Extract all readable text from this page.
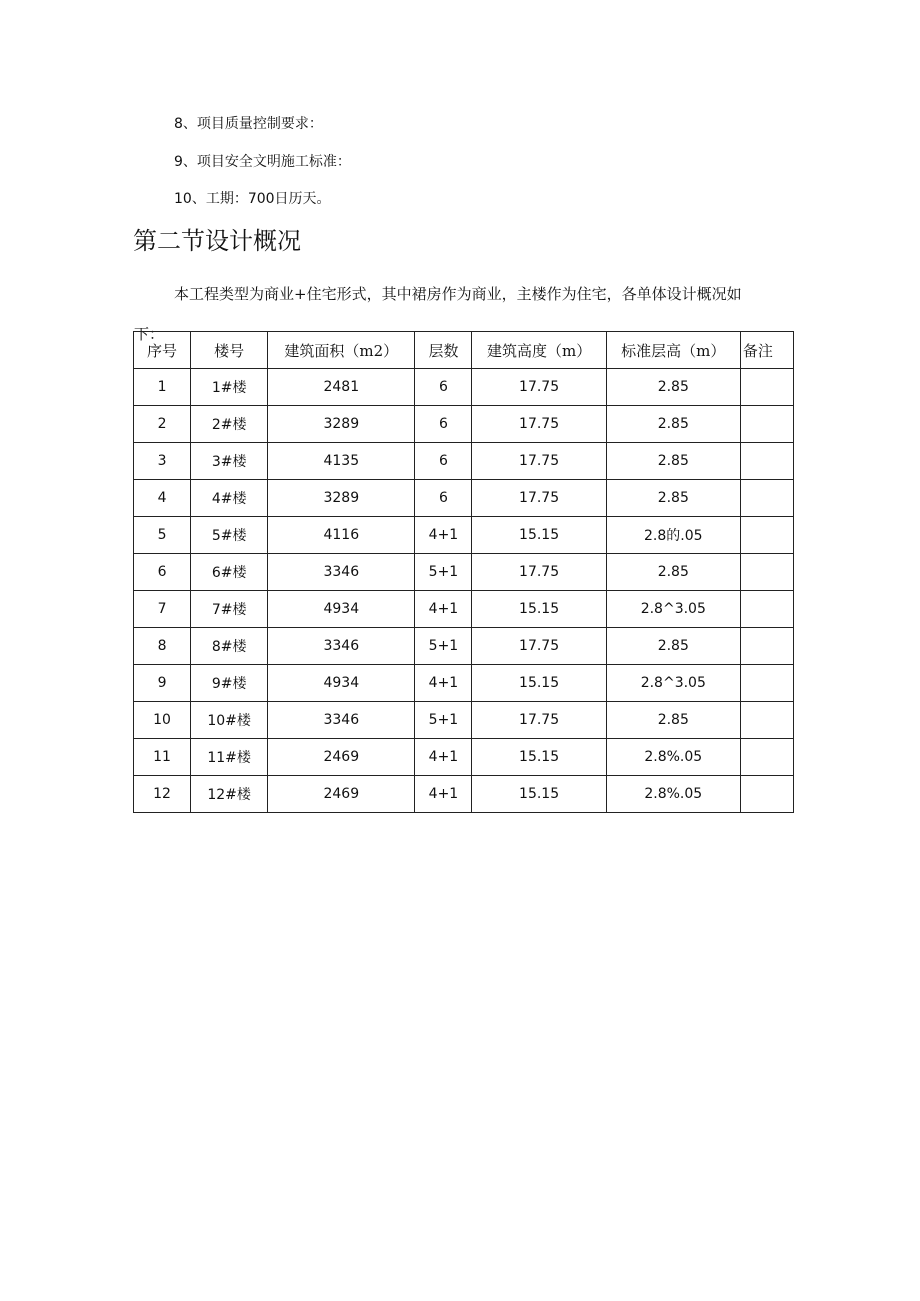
8、项目质量控制要求：
9、项目安全文明施工标准：
10、工期：700日历天。
第二节设计概况

本工程类型为商业+住宅形式，其中裙房作为商业，主楼作为住宅，各单体设计概况如下：

序号	楼号	建筑面积（m2）	层数	建筑高度（m）	标准层高（m）	备注
1	1#楼	2481	6	17.75	2.85	
2	2#楼	3289	6	17.75	2.85	
3	3#楼	4135	6	17.75	2.85	
4	4#楼	3289	6	17.75	2.85	
5	5#楼	4116	4+1	15.15	2.8的.05	
6	6#楼	3346	5+1	17.75	2.85	
7	7#楼	4934	4+1	15.15	2.8^3.05	
8	8#楼	3346	5+1	17.75	2.85	
9	9#楼	4934	4+1	15.15	2.8^3.05	
10	10#楼	3346	5+1	17.75	2.85	
11	11#楼	2469	4+1	15.15	2.8%.05	
12	12#楼	2469	4+1	15.15	2.8%.05	
